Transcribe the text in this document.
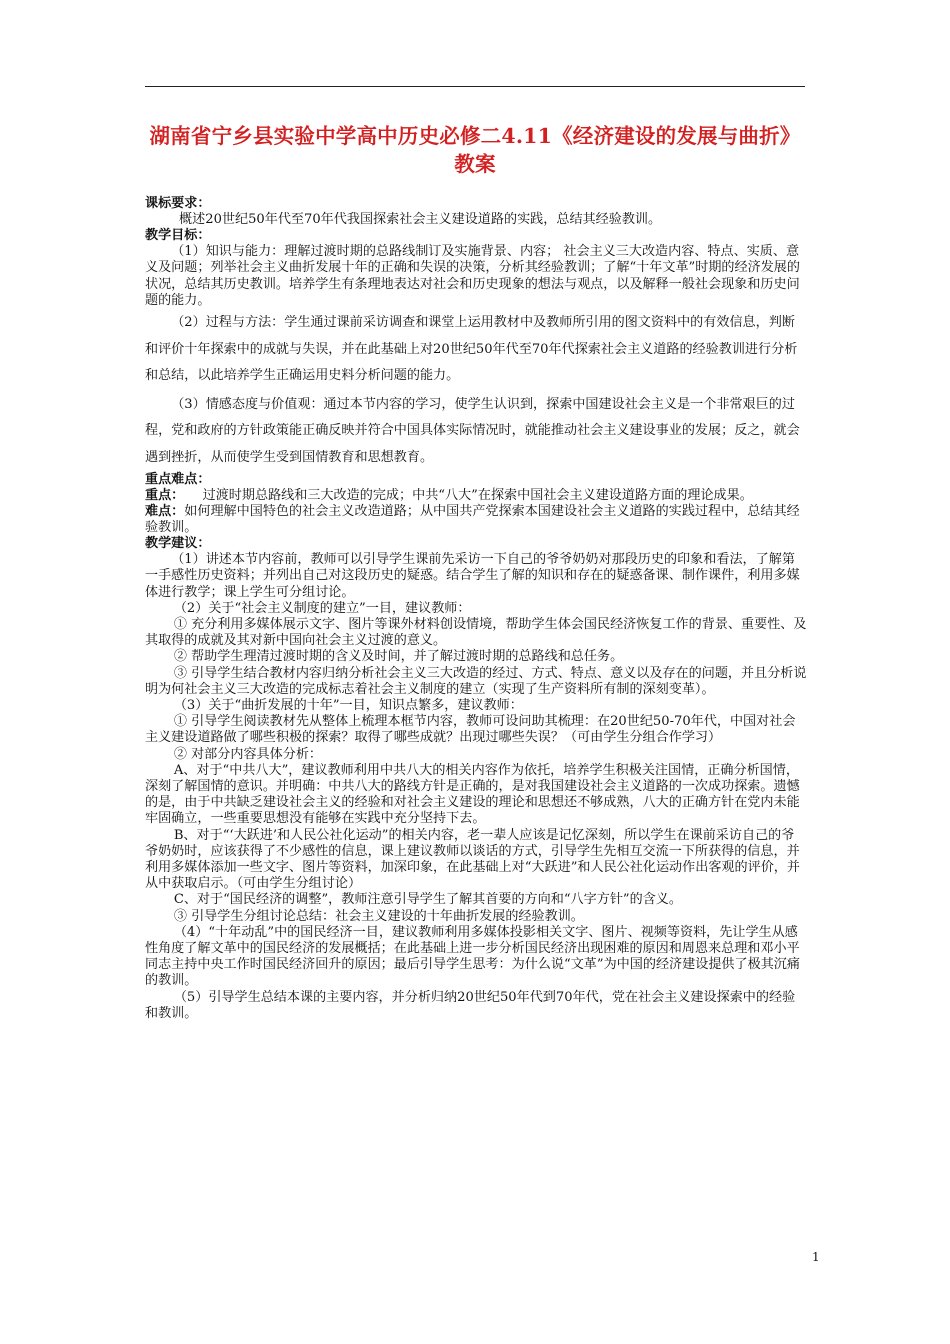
湖南省宁乡县实验中学高中历史必修二4.11《经济建设的发展与曲折》教案

课标要求：

概述20世纪50年代至70年代我国探索社会主义建设道路的实践，总结其经验教训。

教学目标：

（1）知识与能力：理解过渡时期的总路线制订及实施背景、内容； 社会主义三大改造内容、特点、实质、意义及问题；列举社会主义曲折发展十年的正确和失误的决策，分析其经验教训；了解“十年文革”时期的经济发展的状况，总结其历史教训。培养学生有条理地表达对社会和历史现象的想法与观点，以及解释一般社会现象和历史问题的能力。

（2）过程与方法：学生通过课前采访调查和课堂上运用教材中及教师所引用的图文资料中的有效信息，判断和评价十年探索中的成就与失误，并在此基础上对20世纪50年代至70年代探索社会主义道路的经验教训进行分析和总结，以此培养学生正确运用史料分析问题的能力。

（3）情感态度与价值观：通过本节内容的学习，使学生认识到，探索中国建设社会主义是一个非常艰巨的过程，党和政府的方针政策能正确反映并符合中国具体实际情况时，就能推动社会主义建设事业的发展；反之，就会遇到挫折，从而使学生受到国情教育和思想教育。

重点难点：

重点： 过渡时期总路线和三大改造的完成；中共“八大”在探索中国社会主义建设道路方面的理论成果。

难点：如何理解中国特色的社会主义改造道路；从中国共产党探索本国建设社会主义道路的实践过程中，总结其经验教训。

教学建议：

（1）讲述本节内容前，教师可以引导学生课前先采访一下自己的爷爷奶奶对那段历史的印象和看法，了解第一手感性历史资料；并列出自己对这段历史的疑惑。结合学生了解的知识和存在的疑惑备课、制作课件，利用多媒体进行教学；课上学生可分组讨论。

（2）关于“社会主义制度的建立”一目，建议教师：

① 充分利用多媒体展示文字、图片等课外材料创设情境，帮助学生体会国民经济恢复工作的背景、重要性、及其取得的成就及其对新中国向社会主义过渡的意义。

② 帮助学生理清过渡时期的含义及时间，并了解过渡时期的总路线和总任务。

③ 引导学生结合教材内容归纳分析社会主义三大改造的经过、方式、特点、意义以及存在的问题，并且分析说明为何社会主义三大改造的完成标志着社会主义制度的建立（实现了生产资料所有制的深刻变革）。

（3）关于“曲折发展的十年”一目，知识点繁多，建议教师：

① 引导学生阅读教材先从整体上梳理本框节内容，教师可设问助其梳理：在20世纪50-70年代，中国对社会主义建设道路做了哪些积极的探索？取得了哪些成就？出现过哪些失误？（可由学生分组合作学习）

② 对部分内容具体分析：

A、对于“中共八大”，建议教师利用中共八大的相关内容作为依托，培养学生积极关注国情，正确分析国情，深刻了解国情的意识。并明确：中共八大的路线方针是正确的，是对我国建设社会主义道路的一次成功探索。遗憾的是，由于中共缺乏建设社会主义的经验和对社会主义建设的理论和思想还不够成熟，八大的正确方针在党内未能牢固确立，一些重要思想没有能够在实践中充分坚持下去。

B、对于“‘大跃进’和人民公社化运动”的相关内容，老一辈人应该是记忆深刻，所以学生在课前采访自己的爷爷奶奶时，应该获得了不少感性的信息，课上建议教师以谈话的方式，引导学生先相互交流一下所获得的信息，并利用多媒体添加一些文字、图片等资料，加深印象，在此基础上对“大跃进”和人民公社化运动作出客观的评价，并从中获取启示。（可由学生分组讨论）

C、对于“国民经济的调整”，教师注意引导学生了解其首要的方向和“八字方针”的含义。

③ 引导学生分组讨论总结：社会主义建设的十年曲折发展的经验教训。

（4）“十年动乱”中的国民经济一目，建议教师利用多媒体投影相关文字、图片、视频等资料，先让学生从感性角度了解文革中的国民经济的发展概括；在此基础上进一步分析国民经济出现困难的原因和周恩来总理和邓小平同志主持中央工作时国民经济回升的原因；最后引导学生思考：为什么说“文革”为中国的经济建设提供了极其沉痛的教训。

（5）引导学生总结本课的主要内容，并分析归纳20世纪50年代到70年代，党在社会主义建设探索中的经验和教训。

1
